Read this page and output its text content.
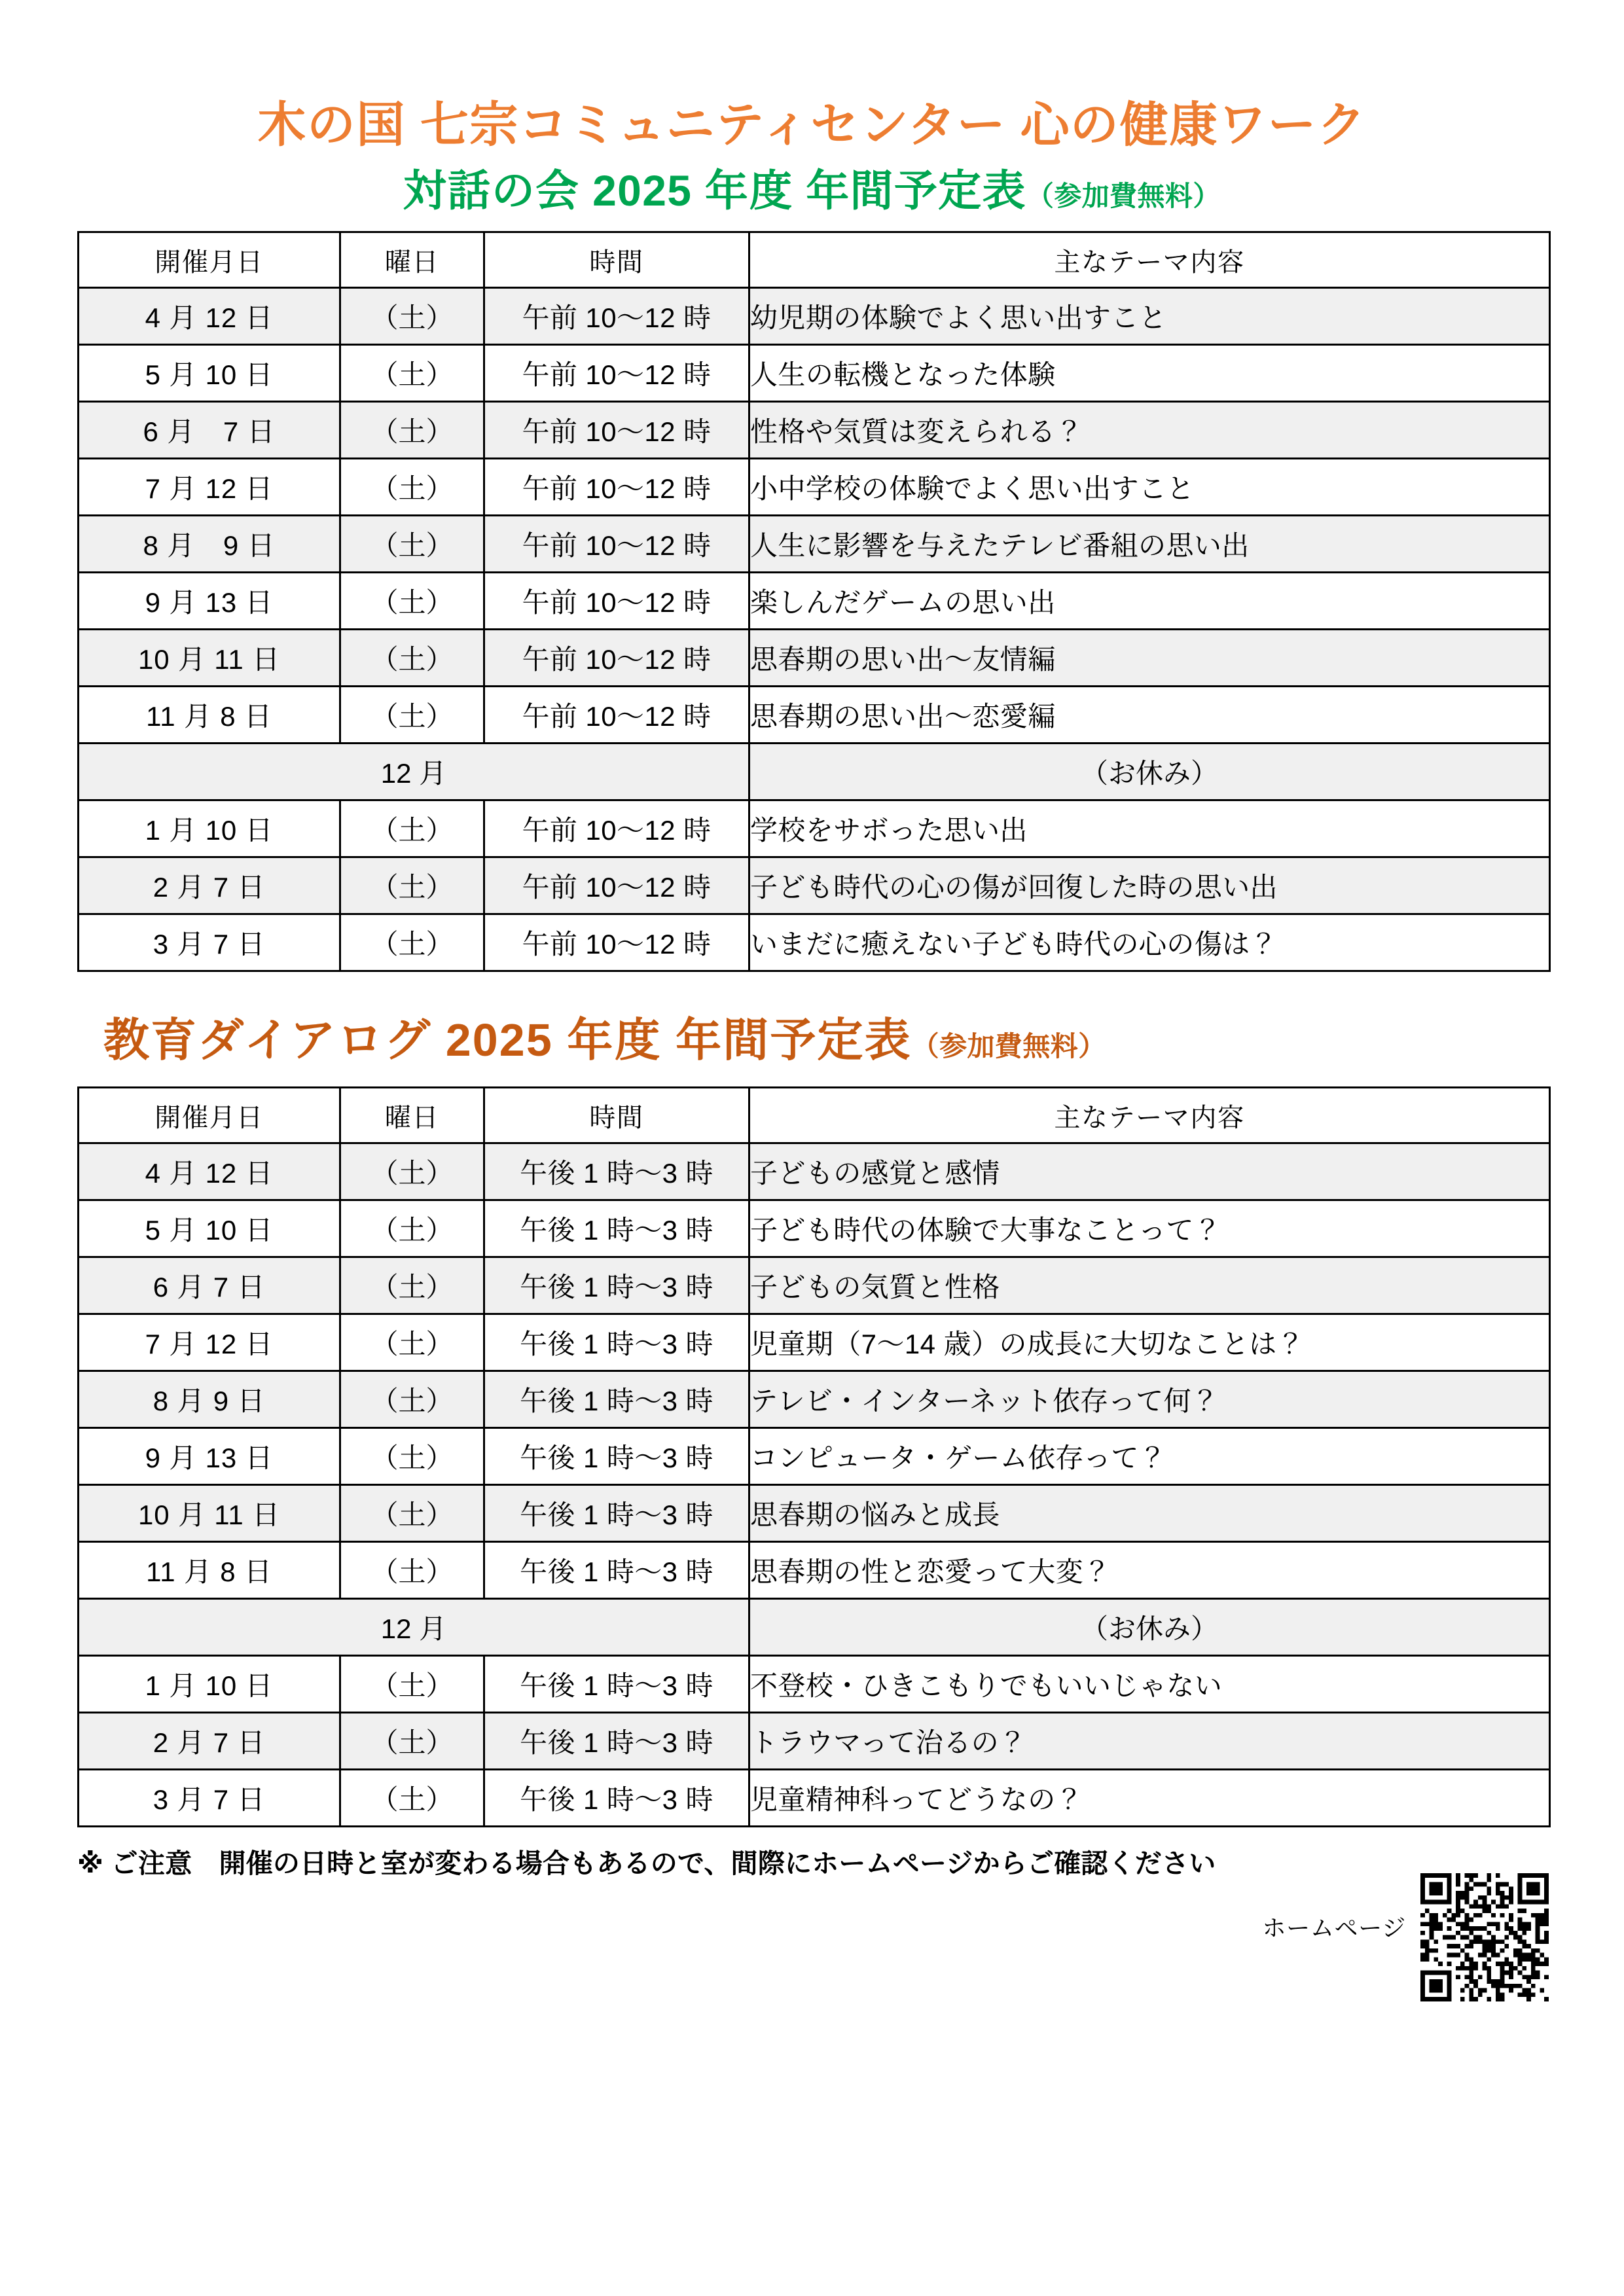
木の国 七宗コミュニティセンター 心の健康ワーク
対話の会 2025 年度 年間予定表（参加費無料）
開催月日	曜日	時間	主なテーマ内容
4 月 12 日	（土）	午前 10〜12 時	幼児期の体験でよく思い出すこと
5 月 10 日	（土）	午前 10〜12 時	人生の転機となった体験
6 月　7 日	（土）	午前 10〜12 時	性格や気質は変えられる？
7 月 12 日	（土）	午前 10〜12 時	小中学校の体験でよく思い出すこと
8 月　9 日	（土）	午前 10〜12 時	人生に影響を与えたテレビ番組の思い出
9 月 13 日	（土）	午前 10〜12 時	楽しんだゲームの思い出
10 月 11 日	（土）	午前 10〜12 時	思春期の思い出〜友情編
11 月 8 日	（土）	午前 10〜12 時	思春期の思い出〜恋愛編
12 月			（お休み）
1 月 10 日	（土）	午前 10〜12 時	学校をサボった思い出
2 月 7 日	（土）	午前 10〜12 時	子ども時代の心の傷が回復した時の思い出
3 月 7 日	（土）	午前 10〜12 時	いまだに癒えない子ども時代の心の傷は？
教育ダイアログ 2025 年度 年間予定表（参加費無料）
開催月日	曜日	時間	主なテーマ内容
4 月 12 日	（土）	午後 1 時〜3 時	子どもの感覚と感情
5 月 10 日	（土）	午後 1 時〜3 時	子ども時代の体験で大事なことって？
6 月 7 日	（土）	午後 1 時〜3 時	子どもの気質と性格
7 月 12 日	（土）	午後 1 時〜3 時	児童期（7〜14 歳）の成長に大切なことは？
8 月 9 日	（土）	午後 1 時〜3 時	テレビ・インターネット依存って何？
9 月 13 日	（土）	午後 1 時〜3 時	コンピュータ・ゲーム依存って？
10 月 11 日	（土）	午後 1 時〜3 時	思春期の悩みと成長
11 月 8 日	（土）	午後 1 時〜3 時	思春期の性と恋愛って大変？
12 月			（お休み）
1 月 10 日	（土）	午後 1 時〜3 時	不登校・ひきこもりでもいいじゃない
2 月 7 日	（土）	午後 1 時〜3 時	トラウマって治るの？
3 月 7 日	（土）	午後 1 時〜3 時	児童精神科ってどうなの？
※ ご注意　開催の日時と室が変わる場合もあるので、間際にホームページからご確認ください
ホームページ
